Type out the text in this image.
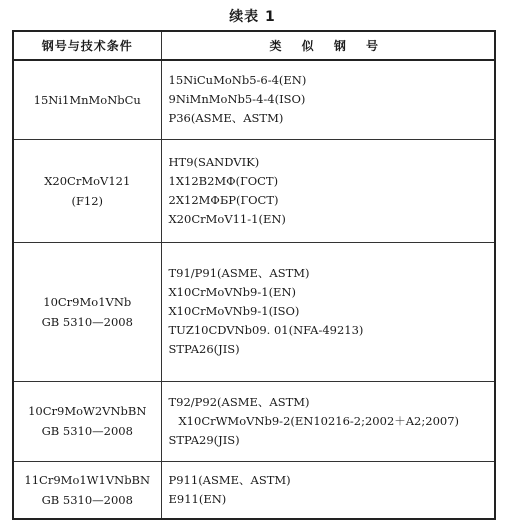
续表 1
钢号与技术条件	类 似 钢 号

15Ni1MnMoNbCu	15NiCuMoNb5-6-4(EN)
9NiMnMoNb5-4-4(ISO)
P36(ASME、ASTM)

X20CrMoV121
(F12)	HT9(SANDVIK)
1X12B2MΦ(ГОСТ)
2X12MΦБP(ГОСТ)
X20CrMoV11-1(EN)

10Cr9Mo1VNb
GB 5310—2008	T91/P91(ASME、ASTM)
X10CrMoVNb9-1(EN)
X10CrMoVNb9-1(ISO)
TUZ10CDVNb09. 01(NFA-49213)
STPA26(JIS)

10Cr9MoW2VNbBN
GB 5310—2008	T92/P92(ASME、ASTM)
X10CrWMoVNb9-2(EN10216-2;2002＋A2;2007)
STPA29(JIS)

11Cr9Mo1W1VNbBN
GB 5310—2008	P911(ASME、ASTM)
E911(EN)
